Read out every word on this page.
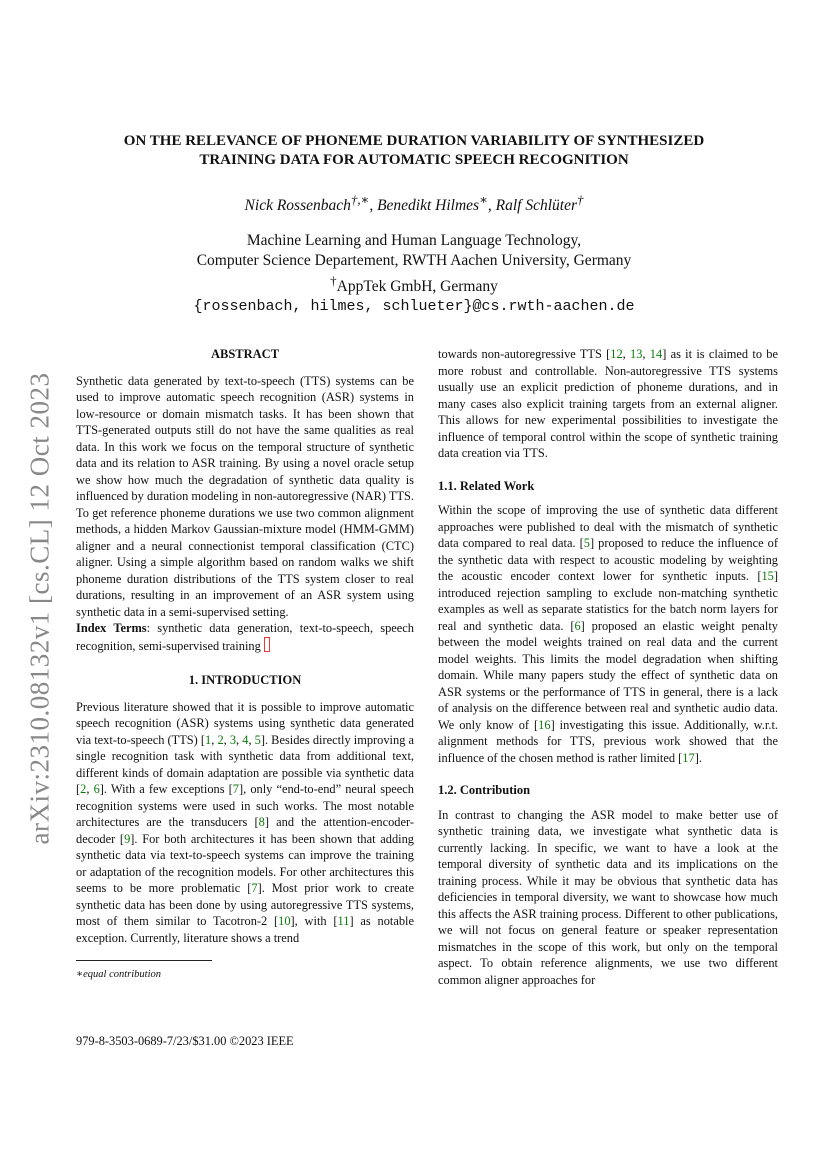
arXiv:2310.08132v1 [cs.CL] 12 Oct 2023
ON THE RELEVANCE OF PHONEME DURATION VARIABILITY OF SYNTHESIZED
TRAINING DATA FOR AUTOMATIC SPEECH RECOGNITION
Nick Rossenbach†,∗, Benedikt Hilmes∗, Ralf Schlüter†
Machine Learning and Human Language Technology,
Computer Science Departement, RWTH Aachen University, Germany
†AppTek GmbH, Germany
{rossenbach, hilmes, schlueter}@cs.rwth-aachen.de
ABSTRACT

Synthetic data generated by text-to-speech (TTS) systems can be used to improve automatic speech recognition (ASR) systems in low-resource or domain mismatch tasks. It has been shown that TTS-generated outputs still do not have the same qualities as real data. In this work we focus on the temporal structure of synthetic data and its relation to ASR training. By using a novel oracle setup we show how much the degradation of synthetic data quality is influenced by duration modeling in non-autoregressive (NAR) TTS. To get reference phoneme durations we use two common alignment methods, a hidden Markov Gaussian-mixture model (HMM-GMM) aligner and a neural connectionist temporal classification (CTC) aligner. Using a simple algorithm based on random walks we shift phoneme duration distributions of the TTS system closer to real durations, resulting in an improvement of an ASR system using synthetic data in a semi-supervised setting.

Index Terms: synthetic data generation, text-to-speech, speech recognition, semi-supervised training

1. INTRODUCTION

Previous literature showed that it is possible to improve automatic speech recognition (ASR) systems using synthetic data generated via text-to-speech (TTS) [1, 2, 3, 4, 5]. Besides directly improving a single recognition task with synthetic data from additional text, different kinds of domain adaptation are possible via synthetic data [2, 6]. With a few exceptions [7], only “end-to-end” neural speech recognition systems were used in such works. The most notable architectures are the transducers [8] and the attention-encoder-decoder [9]. For both architectures it has been shown that adding synthetic data via text-to-speech systems can improve the training or adaptation of the recognition models. For other architectures this seems to be more problematic [7]. Most prior work to create synthetic data has been done by using autoregressive TTS systems, most of them similar to Tacotron-2 [10], with [11] as notable exception. Currently, literature shows a trend

∗equal contribution

towards non-autoregressive TTS [12, 13, 14] as it is claimed to be more robust and controllable. Non-autoregressive TTS systems usually use an explicit prediction of phoneme durations, and in many cases also explicit training targets from an external aligner. This allows for new experimental possibilities to investigate the influence of temporal control within the scope of synthetic training data creation via TTS.

1.1. Related Work

Within the scope of improving the use of synthetic data different approaches were published to deal with the mismatch of synthetic data compared to real data. [5] proposed to reduce the influence of the synthetic data with respect to acoustic modeling by weighting the acoustic encoder context lower for synthetic inputs. [15] introduced rejection sampling to exclude non-matching synthetic examples as well as separate statistics for the batch norm layers for real and synthetic data. [6] proposed an elastic weight penalty between the model weights trained on real data and the current model weights. This limits the model degradation when shifting domain. While many papers study the effect of synthetic data on ASR systems or the performance of TTS in general, there is a lack of analysis on the difference between real and synthetic audio data. We only know of [16] investigating this issue. Additionally, w.r.t. alignment methods for TTS, previous work showed that the influence of the chosen method is rather limited [17].

1.2. Contribution

In contrast to changing the ASR model to make better use of synthetic training data, we investigate what synthetic data is currently lacking. In specific, we want to have a look at the temporal diversity of synthetic data and its implications on the training process. While it may be obvious that synthetic data has deficiencies in temporal diversity, we want to showcase how much this affects the ASR training process. Different to other publications, we will not focus on general feature or speaker representation mismatches in the scope of this work, but only on the temporal aspect. To obtain reference alignments, we use two different common aligner approaches for

979-8-3503-0689-7/23/$31.00 ©2023 IEEE
